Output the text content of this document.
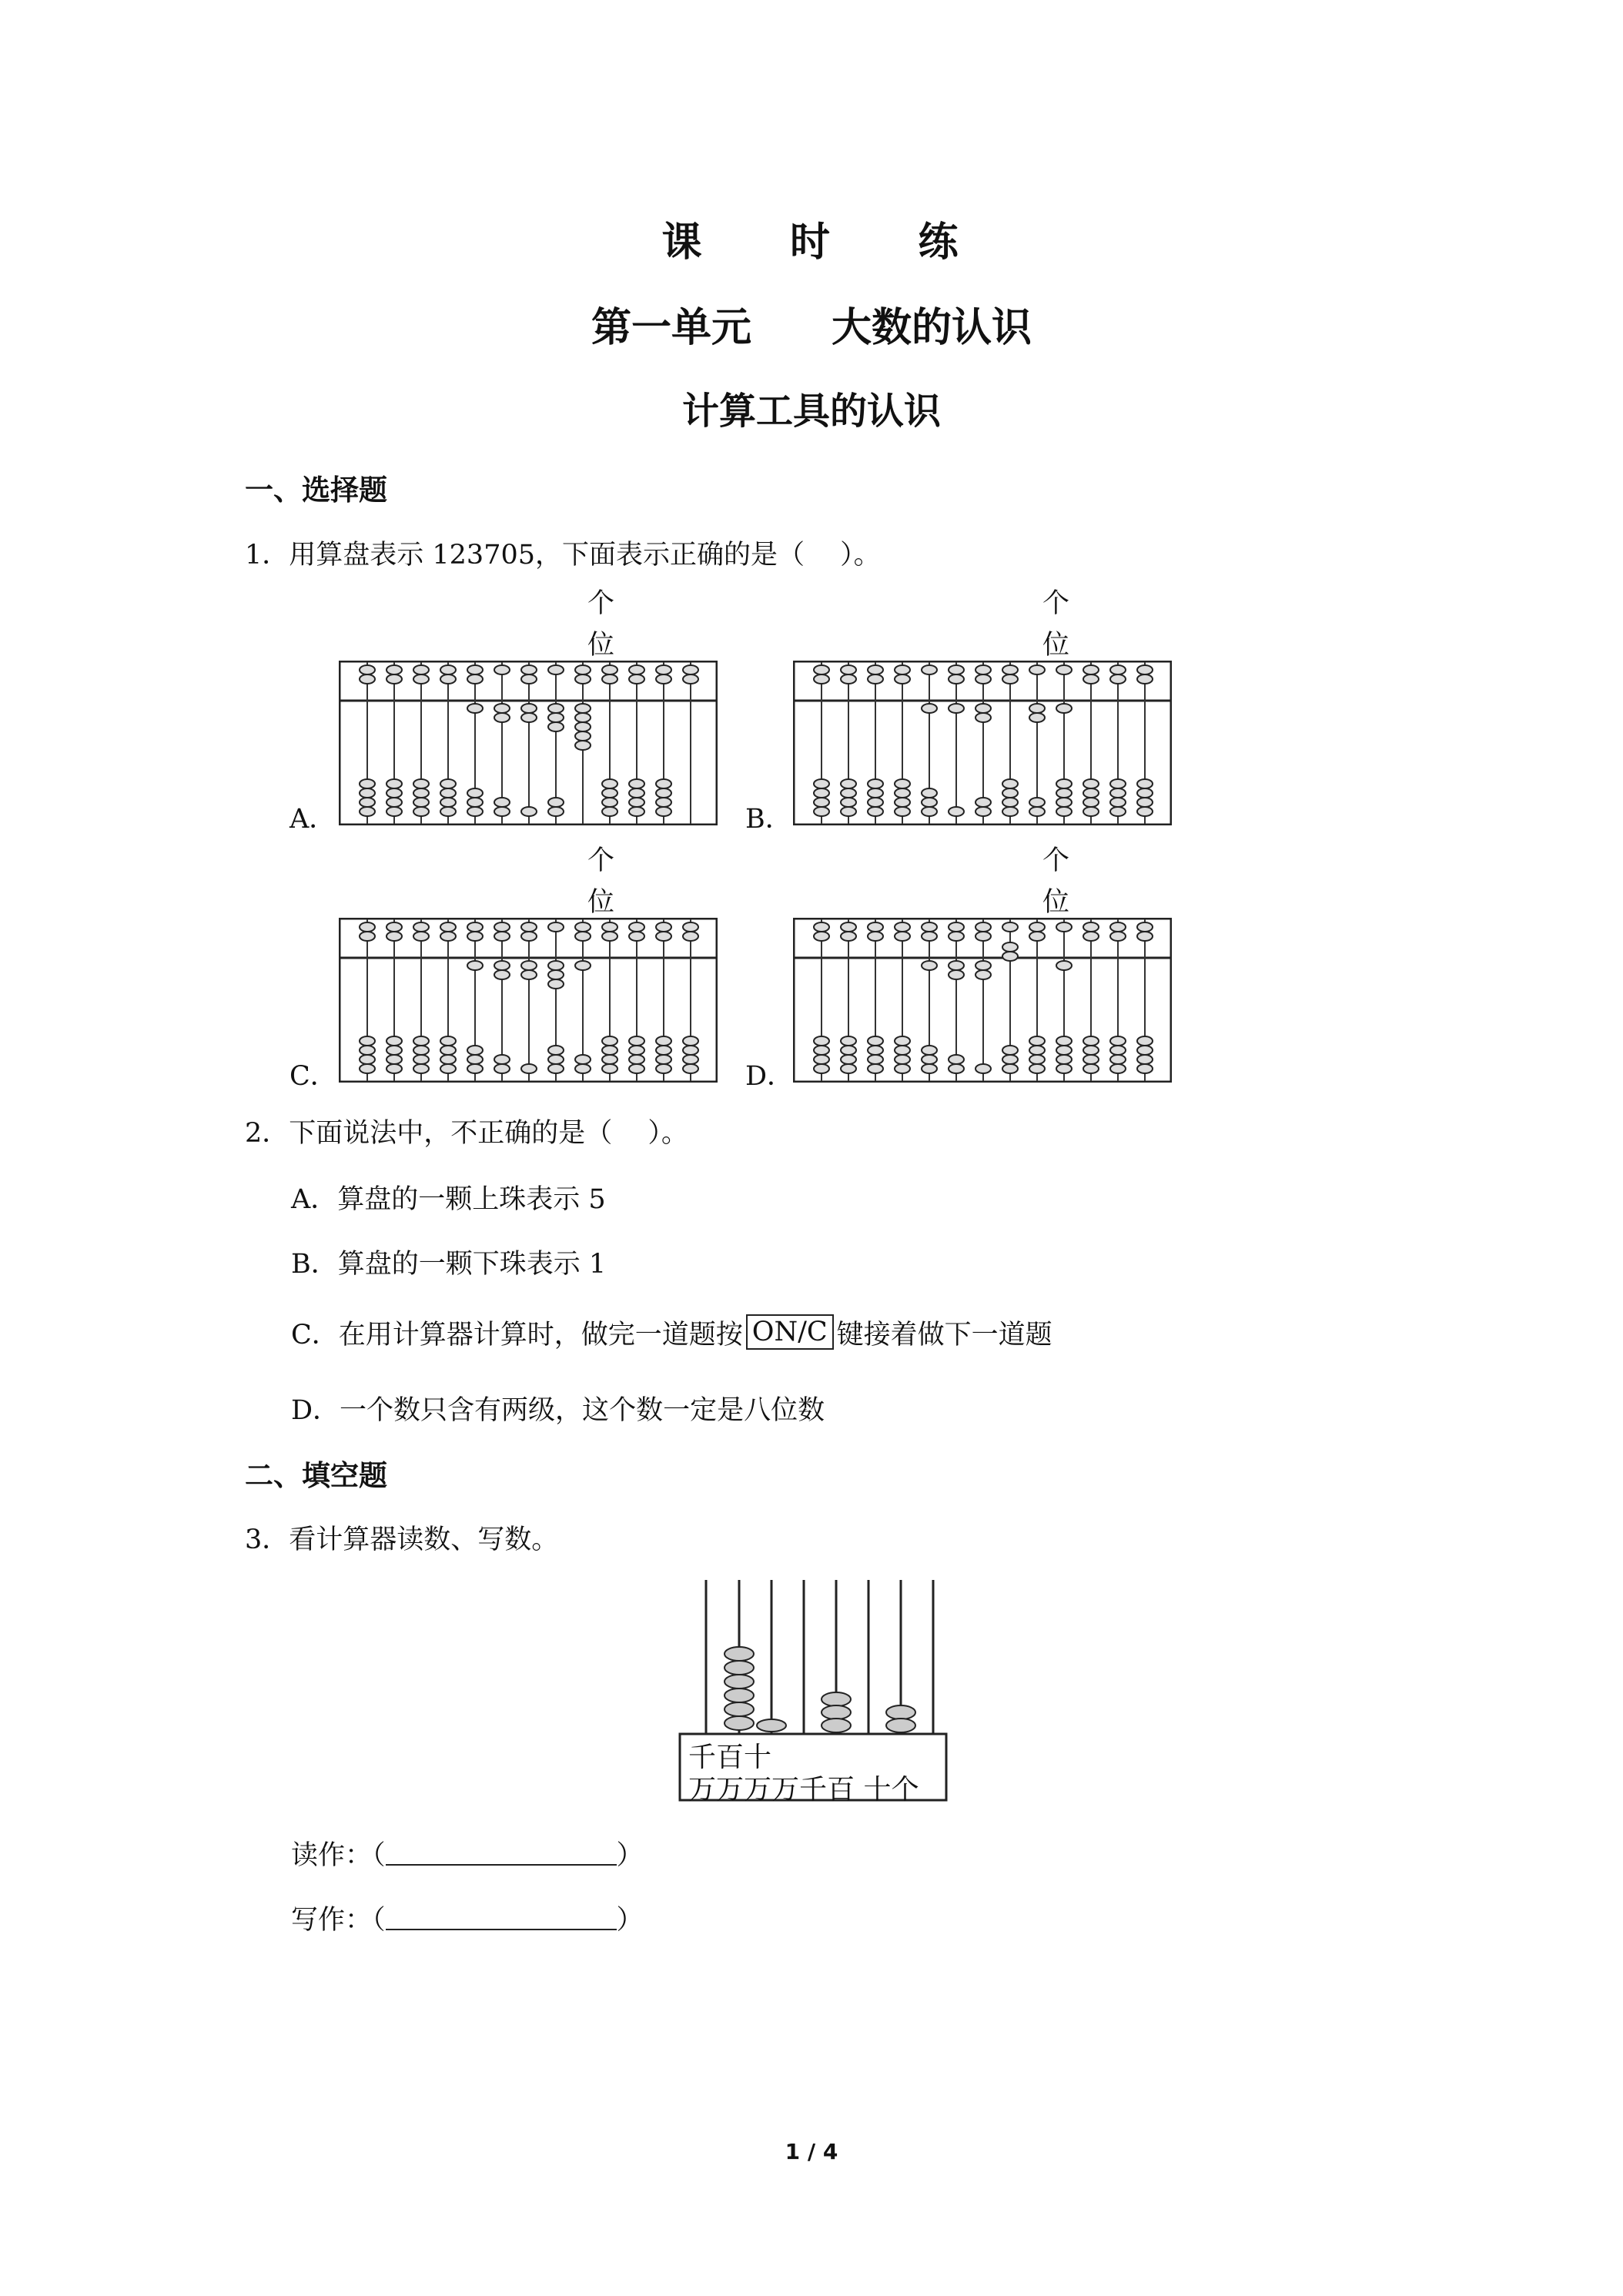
课 时 练
第一单元　　大数的认识
计算工具的认识
一、选择题
1．用算盘表示 123705，下面表示正确的是（　 ）。
个
位
个
位
个
位
个
位
A．	B．
C．	D．
2．下面说法中，不正确的是（　 ）。
A．算盘的一颗上珠表示 5
B．算盘的一颗下珠表示 1
C．在用计算器计算时，做完一道题按 ON/C 键接着做下一道题
D．一个数只含有两级，这个数一定是八位数
二、填空题
3．看计算器读数、写数。
千百十
万万万万千百 十个
读作：（	）
写作：（	）
1 / 4
